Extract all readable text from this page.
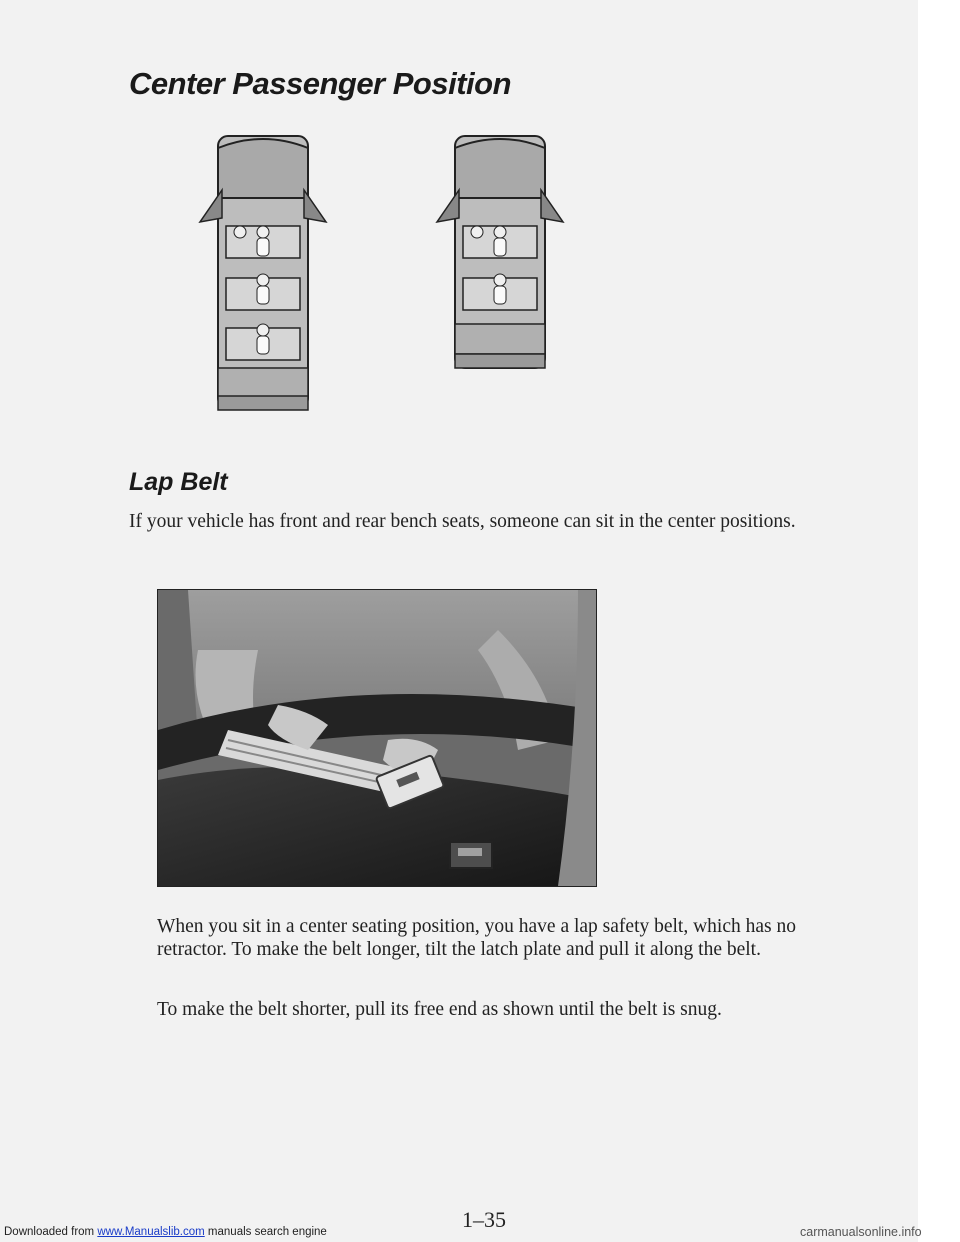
Center Passenger Position
Lap Belt

If your vehicle has front and rear bench seats, someone can sit in the center positions.

When you sit in a center seating position, you have a lap safety belt, which has no retractor. To make the belt longer, tilt the latch plate and pull it along the belt.

To make the belt shorter, pull its free end as shown until the belt is snug.

1–35
Downloaded from www.Manualslib.com manuals search engine	carmanualsonline.info
